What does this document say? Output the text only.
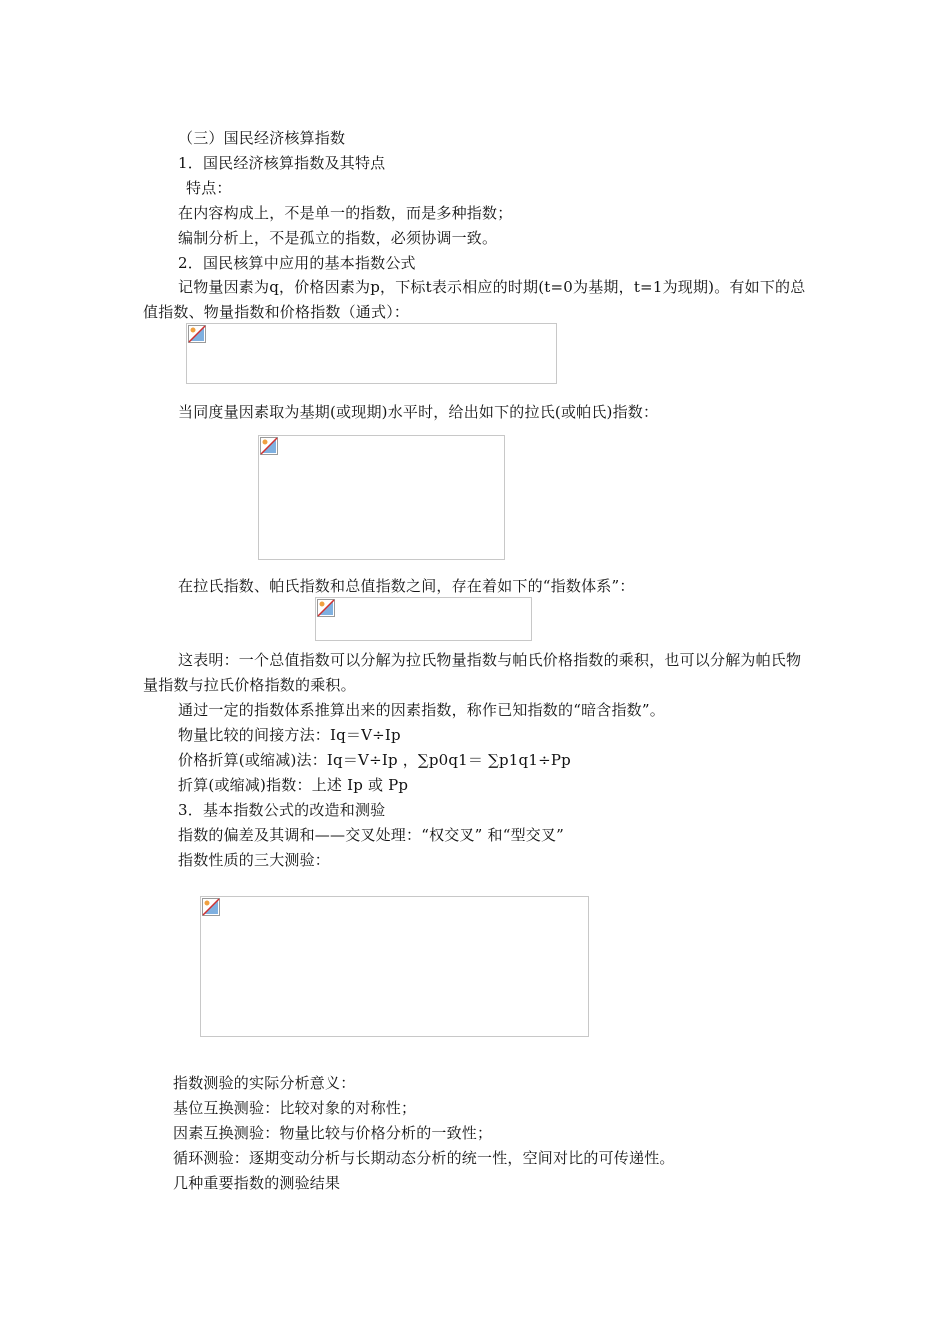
（三）国民经济核算指数
1．国民经济核算指数及其特点
特点：
在内容构成上，不是单一的指数，而是多种指数；
编制分析上，不是孤立的指数，必须协调一致。
2．国民核算中应用的基本指数公式
记物量因素为q，价格因素为p，下标t表示相应的时期(t=0为基期，t=1为现期)。有如下的总值指数、物量指数和价格指数（通式）：
当同度量因素取为基期(或现期)水平时，给出如下的拉氏(或帕氏)指数：
在拉氏指数、帕氏指数和总值指数之间，存在着如下的“指数体系”：
这表明：一个总值指数可以分解为拉氏物量指数与帕氏价格指数的乘积，也可以分解为帕氏物量指数与拉氏价格指数的乘积。
通过一定的指数体系推算出来的因素指数，称作已知指数的“暗含指数”。
物量比较的间接方法：Iq＝V÷Ip
价格折算(或缩减)法：Iq＝V÷Ip ，∑p0q1＝ ∑p1q1÷Pp
折算(或缩减)指数：上述 Ip 或 Pp
3．基本指数公式的改造和测验
指数的偏差及其调和——交叉处理：“权交叉” 和“型交叉”
指数性质的三大测验：
指数测验的实际分析意义：
基位互换测验：比较对象的对称性；
因素互换测验：物量比较与价格分析的一致性；
循环测验：逐期变动分析与长期动态分析的统一性，空间对比的可传递性。
几种重要指数的测验结果
